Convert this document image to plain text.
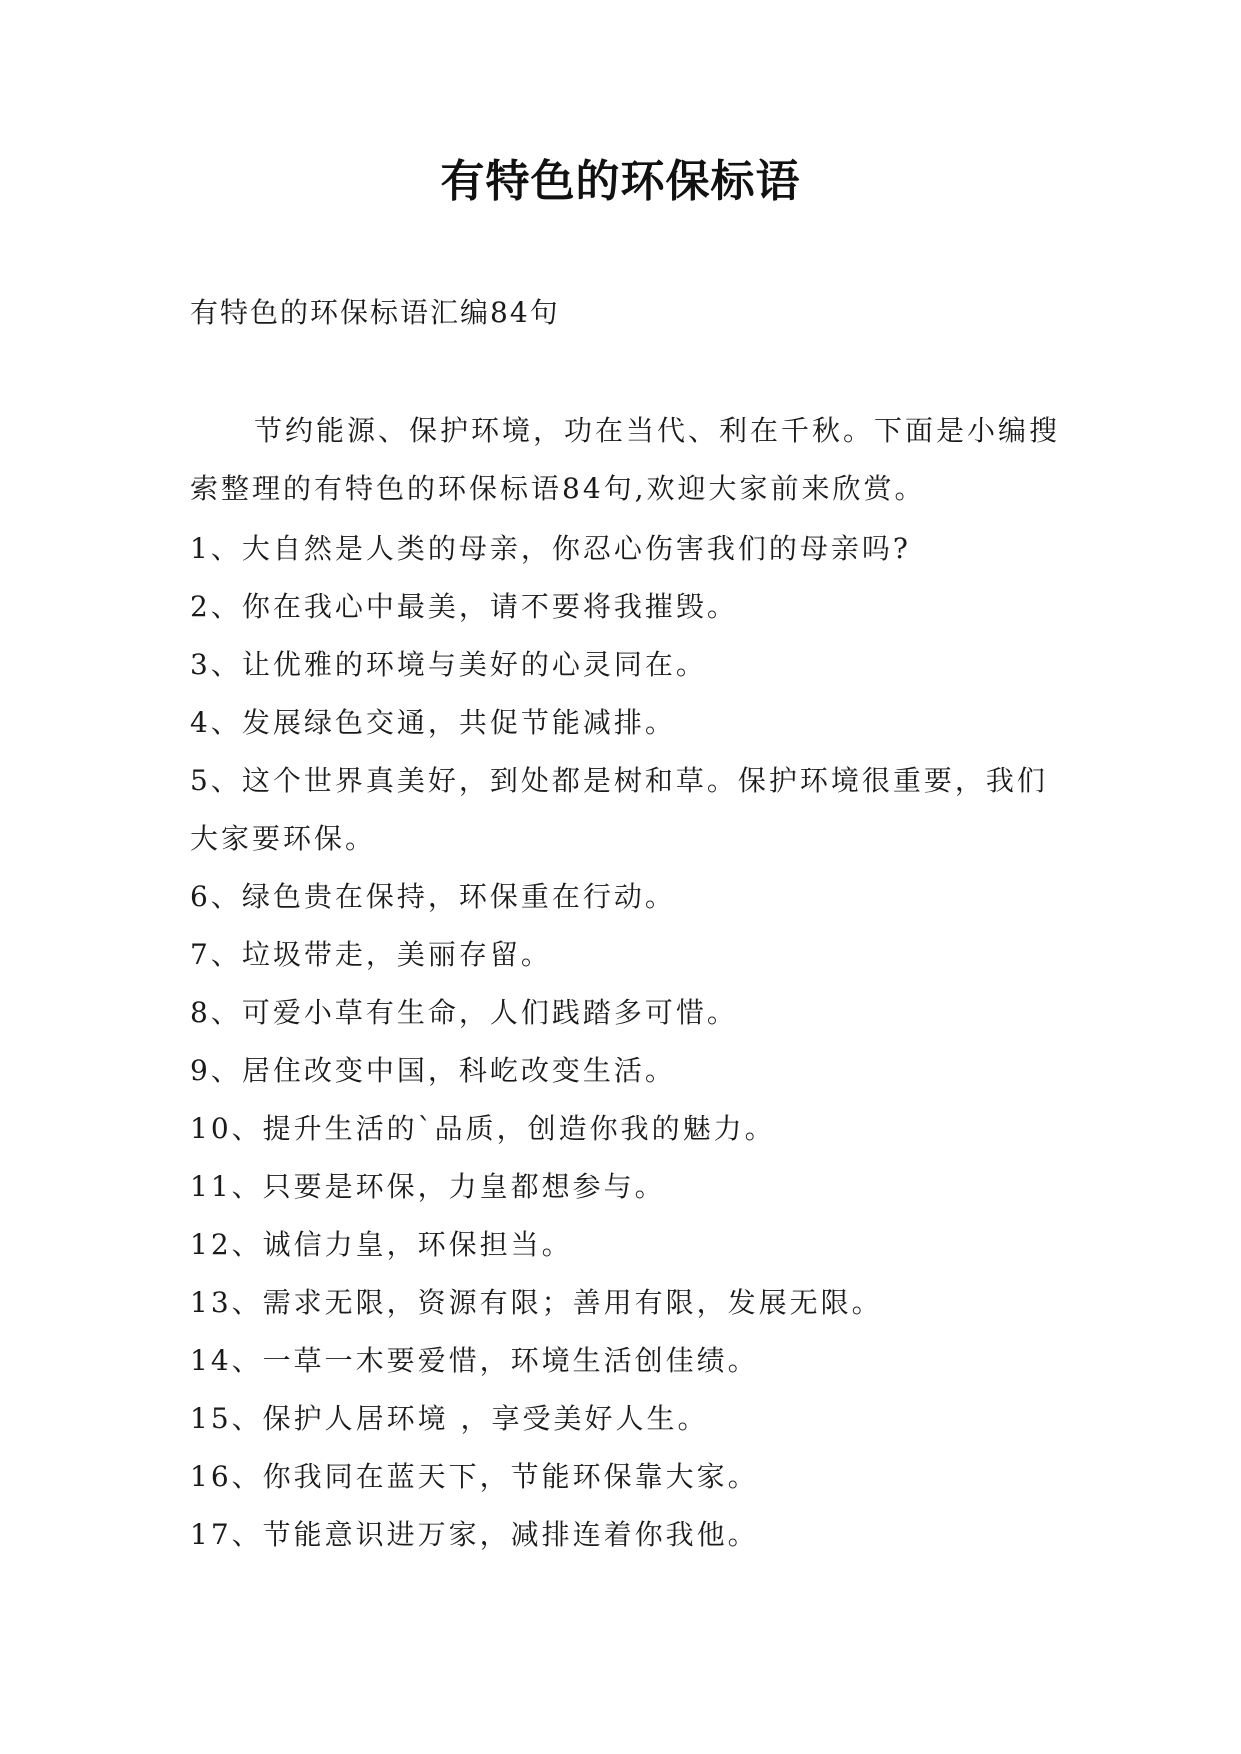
有特色的环保标语
有特色的环保标语汇编84句
节约能源、保护环境，功在当代、利在千秋。下面是小编搜索整理的有特色的环保标语84句,欢迎大家前来欣赏。
1、大自然是人类的母亲，你忍心伤害我们的母亲吗?
2、你在我心中最美，请不要将我摧毁。
3、让优雅的环境与美好的心灵同在。
4、发展绿色交通，共促节能减排。
5、这个世界真美好，到处都是树和草。保护环境很重要，我们大家要环保。
6、绿色贵在保持，环保重在行动。
7、垃圾带走，美丽存留。
8、可爱小草有生命，人们践踏多可惜。
9、居住改变中国，科屹改变生活。
10、提升生活的`品质，创造你我的魅力。
11、只要是环保，力皇都想参与。
12、诚信力皇，环保担当。
13、需求无限，资源有限；善用有限，发展无限。
14、一草一木要爱惜，环境生活创佳绩。
15、保护人居环境 ，享受美好人生。
16、你我同在蓝天下，节能环保靠大家。
17、节能意识进万家，减排连着你我他。
